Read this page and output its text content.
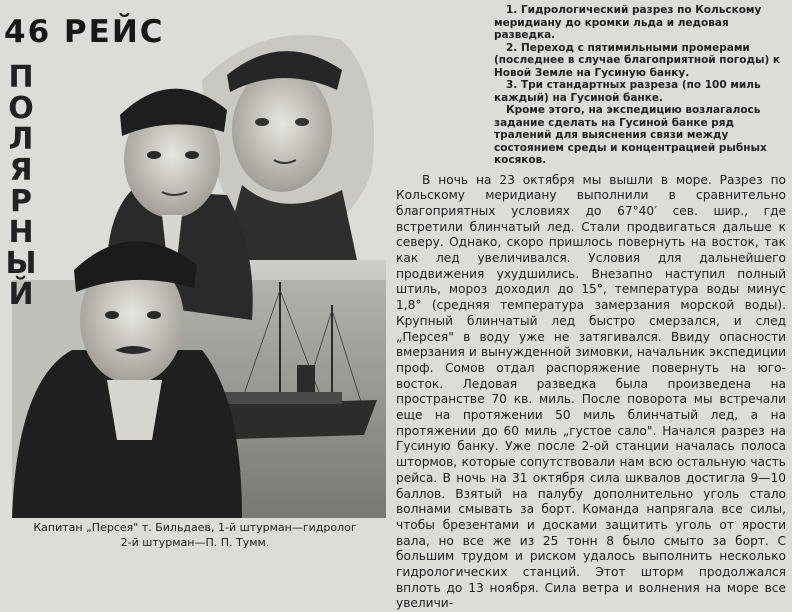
46 РЕЙС
П
О
Л
Я
Р
Н
Ы
Й
Капитан „Персея" т. Бильдаев, 1-й штурман—гидролог
2-й штурман—П. П. Тумм.

1. Гидрологический разрез по Кольскому меридиану до кромки льда и ледовая разведка.

2. Переход с пятимильными промерами (последнее в случае благоприятной погоды) к Новой Земле на Гусиную банку.

3. Три стандартных разреза (по 100 миль каждый) на Гусиной банке.

Кроме этого, на экспедицию возлагалось задание сделать на Гусиной банке ряд тралений для выяснения связи между состоянием среды и концентрацией рыбных косяков.

В ночь на 23 октября мы вышли в море. Разрез по Кольскому меридиану выполнили в сравнительно благоприятных условиях до 67°40′ сев. шир., где встретили блинчатый лед. Стали продвигаться дальше к северу. Однако, скоро пришлось повернуть на восток, так как лед увеличивался. Условия для дальнейшего продвижения ухудшились. Внезапно наступил полный штиль, мороз доходил до 15°, температура воды минус 1,8° (средняя температура замерзания морской воды). Крупный блинчатый лед быстро смерзался, и след „Персея" в воду уже не затягивался. Ввиду опасности вмерзания и вынужденной зимовки, начальник экспедиции проф. Сомов отдал распоряжение повернуть на юго-восток. Ледовая разведка была произведена на пространстве 70 кв. миль. После поворота мы встречали еще на протяжении 50 миль блинчатый лед, а на протяжении до 60 миль „густое сало". Начался разрез на Гусиную банку. Уже после 2-ой станции началась полоса штормов, которые сопутствовали нам всю остальную часть рейса. В ночь на 31 октября сила шквалов достигла 9—10 баллов. Взятый на палубу дополнительно уголь стало волнами смывать за борт. Команда напрягала все силы, чтобы брезентами и досками защитить уголь от ярости вала, но все же из 25 тонн 8 было смыто за борт. С большим трудом и риском удалось выполнить несколько гидрологических станций. Этот шторм продолжался вплоть до 13 ноября. Сила ветра и волнения на море все увеличи-
